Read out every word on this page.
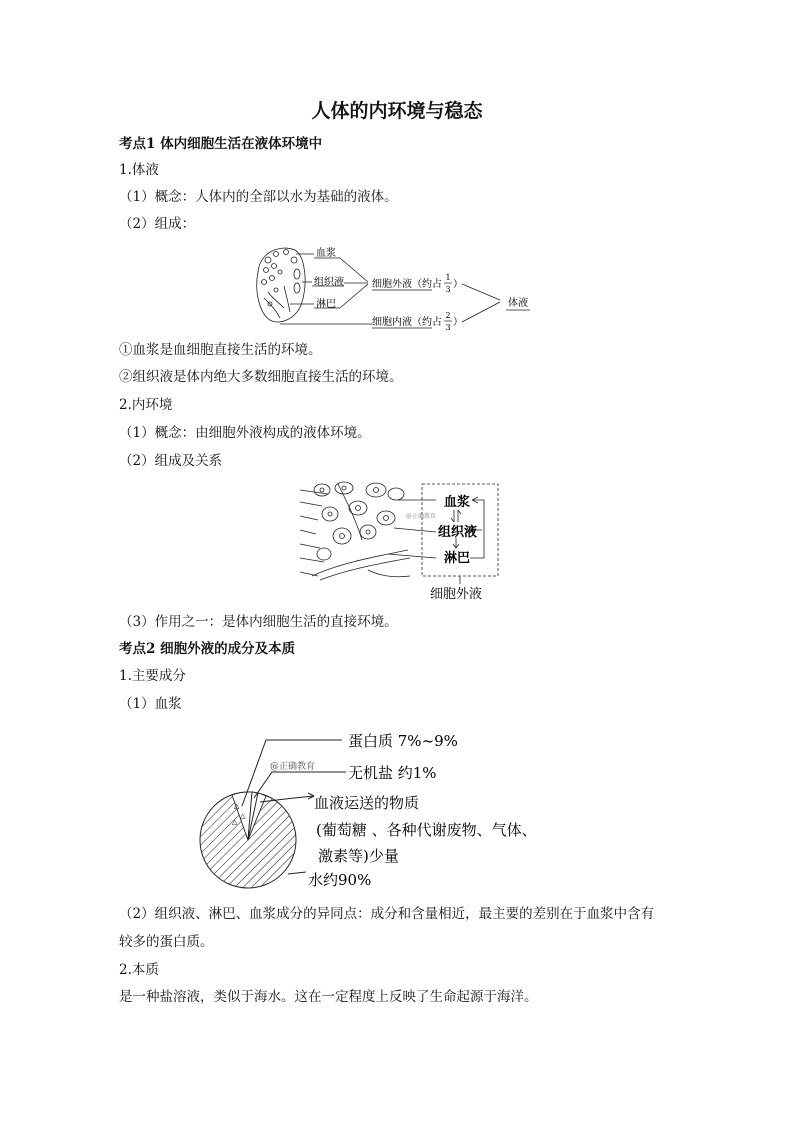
人体的内环境与稳态
考点1 体内细胞生活在液体环境中
1.体液
（1）概念：人体内的全部以水为基础的液体。
（2）组成：
血浆
组织液
淋巴
细胞外液（约占
1
3 ）
细胞内液（约占
2
3 ）
体液
①血浆是血细胞直接生活的环境。
②组织液是体内绝大多数细胞直接生活的环境。
2.内环境
（1）概念：由细胞外液构成的液体环境。
（2）组成及关系
血浆
组织液
淋巴
@正确教育
细胞外液
（3）作用之一：是体内细胞生活的直接环境。
考点2 细胞外液的成分及本质
1.主要成分
（1）血浆
△
△
△
蛋白质 7%~9%
@正确教育 无机盐 约1%
血液运送的物质
(葡萄糖 、各种代谢废物、气体、
激素等)少量
水约90%
（2）组织液、淋巴、血浆成分的异同点：成分和含量相近，最主要的差别在于血浆中含有
较多的蛋白质。
2.本质
是一种盐溶液，类似于海水。这在一定程度上反映了生命起源于海洋。
